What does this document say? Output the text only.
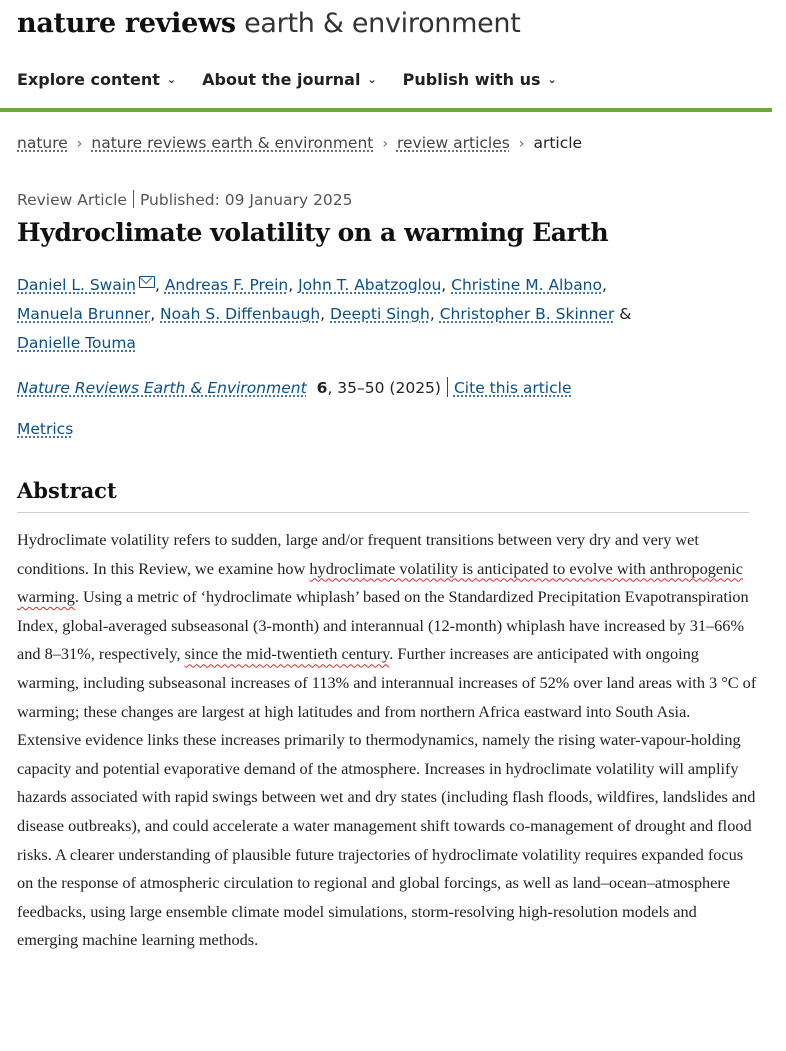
nature reviews earth & environment
Explore content ⌄ About the journal ⌄ Publish with us ⌄
nature › nature reviews earth & environment › review articles › article
Review Article Published: 09 January 2025
Hydroclimate volatility on a warming Earth
Daniel L. Swain , Andreas F. Prein, John T. Abatzoglou, Christine M. Albano,
Manuela Brunner, Noah S. Diffenbaugh, Deepti Singh, Christopher B. Skinner &
Danielle Touma
Nature Reviews Earth & Environment 6, 35–50 (2025) Cite this article
Metrics
Abstract

Hydroclimate volatility refers to sudden, large and/or frequent transitions between very dry and very wet conditions. In this Review, we examine how hydroclimate volatility is anticipated to evolve with anthropogenic warming. Using a metric of ‘hydroclimate whiplash’ based on the Standardized Precipitation Evapotranspiration Index, global-averaged subseasonal (3-month) and interannual (12-month) whiplash have increased by 31–66% and 8–31%, respectively, since the mid-twentieth century. Further increases are anticipated with ongoing warming, including subseasonal increases of 113% and interannual increases of 52% over land areas with 3 °C of warming; these changes are largest at high latitudes and from northern Africa eastward into South Asia. Extensive evidence links these increases primarily to thermodynamics, namely the rising water-vapour-holding capacity and potential evaporative demand of the atmosphere. Increases in hydroclimate volatility will amplify hazards associated with rapid swings between wet and dry states (including flash floods, wildfires, landslides and disease outbreaks), and could accelerate a water management shift towards co-management of drought and flood risks. A clearer understanding of plausible future trajectories of hydroclimate volatility requires expanded focus on the response of atmospheric circulation to regional and global forcings, as well as land–ocean–atmosphere feedbacks, using large ensemble climate model simulations, storm-resolving high-resolution models and emerging machine learning methods.
